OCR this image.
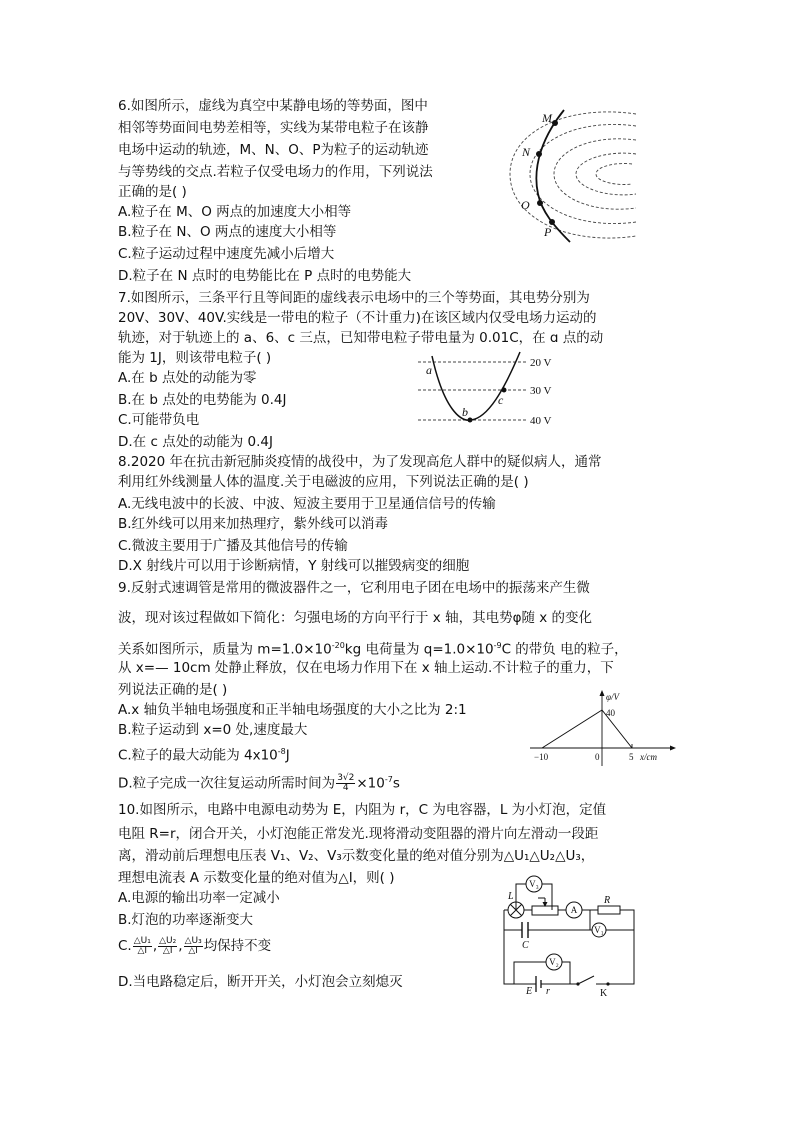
6.如图所示，虚线为真空中某静电场的等势面，图中
相邻等势面间电势差相等，实线为某带电粒子在该静
电场中运动的轨迹，M、N、O、P为粒子的运动轨迹
与等势线的交点.若粒子仅受电场力的作用，下列说法
正确的是( )
A.粒子在 M、O 两点的加速度大小相等
B.粒子在 N、O 两点的速度大小相等
C.粒子运动过程中速度先减小后增大
D.粒子在 N 点时的电势能比在 P 点时的电势能大
M
N
O
P
7.如图所示，三条平行且等间距的虚线表示电场中的三个等势面，其电势分别为
20V、30V、40V.实线是一带电的粒子（不计重力)在该区域内仅受电场力运动的
轨迹，对于轨迹上的 a、6、c 三点，已知带电粒子带电量为 0.01C，在 ɑ 点的动
能为 1J，则该带电粒子( )
A.在 b 点处的动能为零
B.在 b 点处的电势能为 0.4J
C.可能带负电
D.在 c 点处的动能为 0.4J
20 V
30 V
40 V
a
b
c
8.2020 年在抗击新冠肺炎疫情的战役中，为了发现高危人群中的疑似病人，通常
利用红外线测量人体的温度.关于电磁波的应用，下列说法正确的是( )
A.无线电波中的长波、中波、短波主要用于卫星通信信号的传输
B.红外线可以用来加热理疗，紫外线可以消毒
C.微波主要用于广播及其他信号的传输
D.X 射线片可以用于诊断病情，Y 射线可以摧毁病变的细胞
9.反射式速调管是常用的微波器件之一，它利用电子团在电场中的振荡来产生微
波，现对该过程做如下简化：匀强电场的方向平行于 x 轴，其电势φ随 x 的变化
关系如图所示，质量为 $m=1.0\times 10^{-20}kg$ 电荷量为 $q=1.0\times 10^{-9}C$ 的带负 电的粒子，
从 x=— 10cm 处静止释放，仅在电场力作用下在 x 轴上运动.不计粒子的重力，下
列说法正确的是( )
A.x 轴负半轴电场强度和正半轴电场强度的大小之比为 2:1
B.粒子运动到 x=0 处,速度最大
C.粒子的最大动能为 $4x10^{-8}J$
D.粒子完成一次往复运动所需时间为 $\frac{3√2}{4} \times 10^{-7}s$
φ/V
40
−10	0	5 x/cm
10.如图所示，电路中电源电动势为 E，内阻为 r，C 为电容器，L 为小灯泡，定值
电阻 R=r，闭合开关，小灯泡能正常发光.现将滑动变阻器的滑片向左滑动一段距
离，滑动前后理想电压表 V₁、V₂、V₃示数变化量的绝对值分别为△U₁△U₂△U₃，
理想电流表 A 示数变化量的绝对值为△I，则( )
A.电源的输出功率一定减小
B.灯泡的功率逐渐变大
C. $\frac{\text{△U₁}}{\triangle I}$ , $\frac{\text{△U₂}}{\triangle I}$ , $\frac{\text{△U₃}}{\triangle I}$ 均保持不变
D.当电路稳定后，断开开关，小灯泡会立刻熄灭
V₃
A
V₁
V₂
L	R
C
E r	K
